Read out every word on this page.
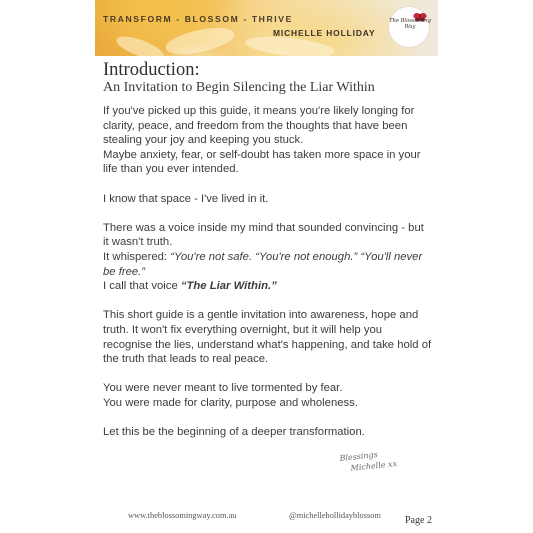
TRANSFORM - BLOSSOM - THRIVE
MICHELLE HOLLIDAY
The Blossoming Way
Introduction:
An Invitation to Begin Silencing the Liar Within

If you've picked up this guide, it means you're likely longing for

clarity, peace, and freedom from the thoughts that have been

stealing your joy and keeping you stuck.

Maybe anxiety, fear, or self-doubt has taken more space in your

life than you ever intended.

I know that space - I've lived in it.

There was a voice inside my mind that sounded convincing - but

it wasn't truth.

It whispered: “You're not safe. “You're not enough.” “You'll never

be free.”

I call that voice “The Liar Within.”

This short guide is a gentle invitation into awareness, hope and

truth. It won't fix everything overnight, but it will help you

recognise the lies, understand what's happening, and take hold of

the truth that leads to real peace.

You were never meant to live tormented by fear.

You were made for clarity, purpose and wholeness.

Let this be the beginning of a deeper transformation.

Blessings
Michelle xx
www.theblossomingway.com.au	@michellehollidayblossom Page 2
